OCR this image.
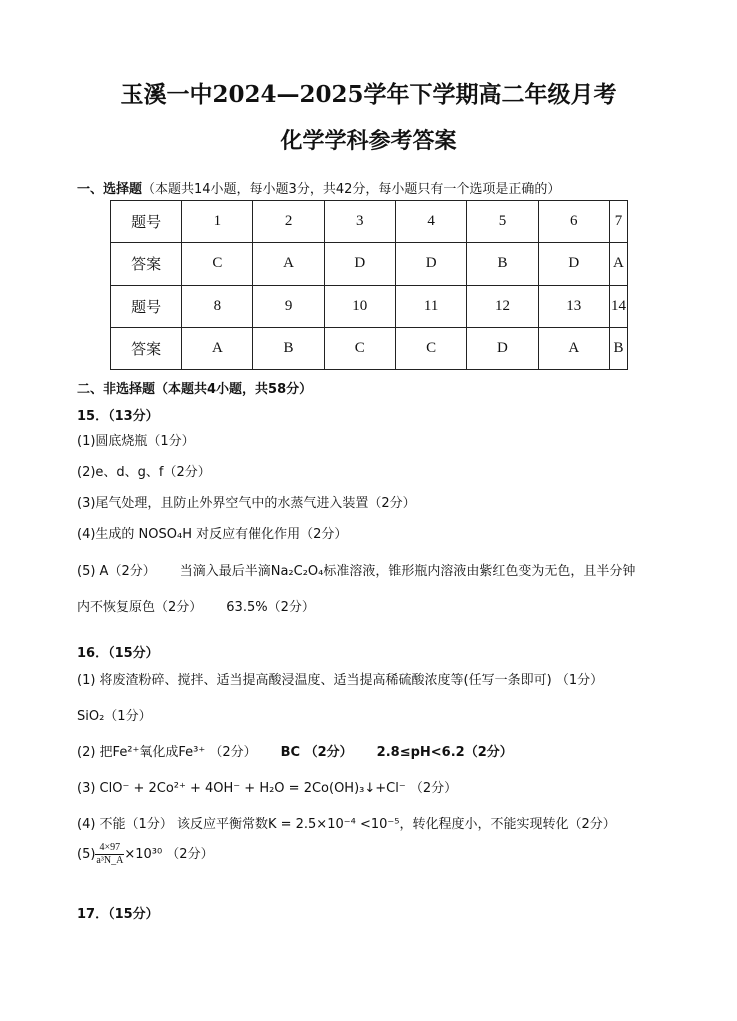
玉溪一中2024—2025学年下学期高二年级月考
化学学科参考答案
一、选择题（本题共14小题，每小题3分，共42分，每小题只有一个选项是正确的）
题号	1	2	3	4	5	6	7
答案	C	A	D	D	B	D	A
题号	8	9	10	11	12	13	14
答案	A	B	C	C	D	A	B
二、非选择题（本题共4小题，共58分）
15．（13分）
(1)圆底烧瓶（1分）
(2)e、d、g、f（2分）
(3)尾气处理，且防止外界空气中的水蒸气进入装置（2分）
(4)生成的 NOSO₄H 对反应有催化作用（2分）
(5) A（2分） 当滴入最后半滴Na₂C₂O₄标准溶液，锥形瓶内溶液由紫红色变为无色，且半分钟
内不恢复原色（2分） 63.5%（2分）
16．（15分）
(1) 将废渣粉碎、搅拌、适当提高酸浸温度、适当提高稀硫酸浓度等(任写一条即可) （1分）
SiO₂（1分）
(2) 把Fe²⁺氧化成Fe³⁺ （2分） BC （2分） 2.8≤pH<6.2（2分）
(3) ClO⁻ + 2Co²⁺ + 4OH⁻ + H₂O = 2Co(OH)₃↓+Cl⁻ （2分）
(4) 不能（1分） 该反应平衡常数K = 2.5×10⁻⁴ <10⁻⁵，转化程度小，不能实现转化（2分）
$(5) \frac{4\times 97}{\text{a³N\_A}} \times 10^{30}$ （2分）
17．（15分）
